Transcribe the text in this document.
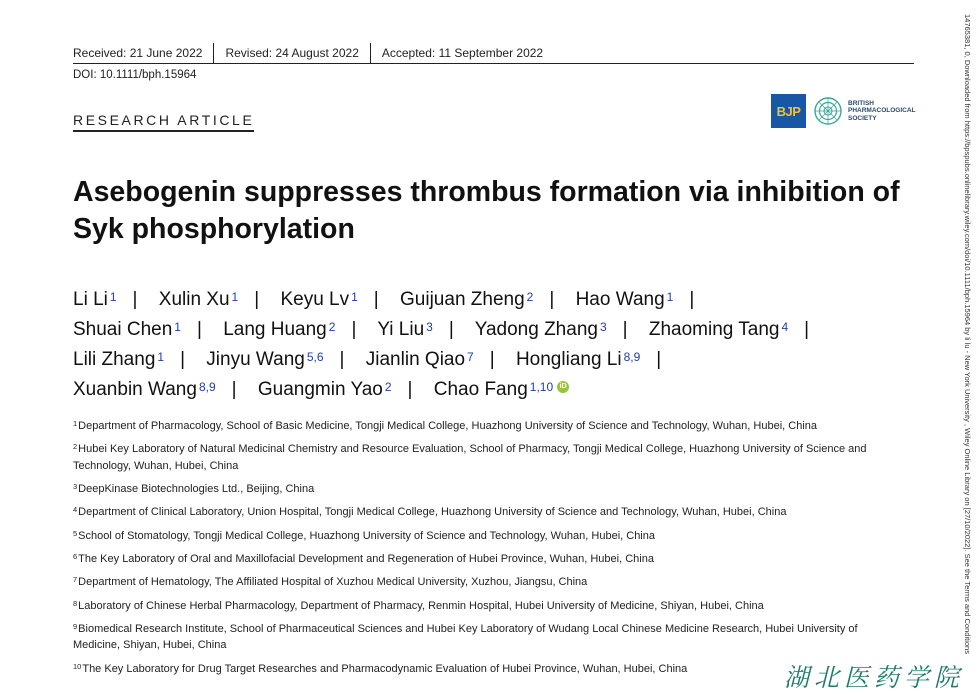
Received: 21 June 2022 Revised: 24 August 2022 Accepted: 11 September 2022
DOI: 10.1111/bph.15964
RESEARCH ARTICLE
BJP	BRITISH
PHARMACOLOGICAL
SOCIETY
Asebogenin suppresses thrombus formation via inhibition of Syk phosphorylation
Li Li $^1$ | Xulin Xu $^1$ | Keyu Lv $^1$ | Guijuan Zheng $^2$ | Hao Wang $^1$ |
Shuai Chen $^1$ | Lang Huang $^2$ | Yi Liu $^3$ | Yadong Zhang $^3$ | Zhaoming Tang $^4$ |
Lili Zhang $^1$ | Jinyu Wang $^{5,6}$ | Jianlin Qiao $^7$ | Hongliang Li $^{8,9}$ |
Xuanbin Wang $^{8,9}$ | Guangmin Yao $^2$ | Chao Fang $^{1,10}$ iD
$^1$Department of Pharmacology, School of Basic Medicine, Tongji Medical College, Huazhong University of Science and Technology, Wuhan, Hubei, China
$^2$Hubei Key Laboratory of Natural Medicinal Chemistry and Resource Evaluation, School of Pharmacy, Tongji Medical College, Huazhong University of Science and Technology, Wuhan, Hubei, China
$^3$DeepKinase Biotechnologies Ltd., Beijing, China
$^4$Department of Clinical Laboratory, Union Hospital, Tongji Medical College, Huazhong University of Science and Technology, Wuhan, Hubei, China
$^5$School of Stomatology, Tongji Medical College, Huazhong University of Science and Technology, Wuhan, Hubei, China
$^6$The Key Laboratory of Oral and Maxillofacial Development and Regeneration of Hubei Province, Wuhan, Hubei, China
$^7$Department of Hematology, The Affiliated Hospital of Xuzhou Medical University, Xuzhou, Jiangsu, China
$^8$Laboratory of Chinese Herbal Pharmacology, Department of Pharmacy, Renmin Hospital, Hubei University of Medicine, Shiyan, Hubei, China
$^9$Biomedical Research Institute, School of Pharmaceutical Sciences and Hubei Key Laboratory of Wudang Local Chinese Medicine Research, Hubei University of Medicine, Shiyan, Hubei, China
$^{10}$The Key Laboratory for Drug Target Researches and Pharmacodynamic Evaluation of Hubei Province, Wuhan, Hubei, China
14765381, 0, Downloaded from https://bpspubs.onlinelibrary.wiley.com/doi/10.1111/bph.15964 by li lu - New York University , Wiley Online Library on [27/10/2022]. See the Terms and Conditions
湖北医药学院
